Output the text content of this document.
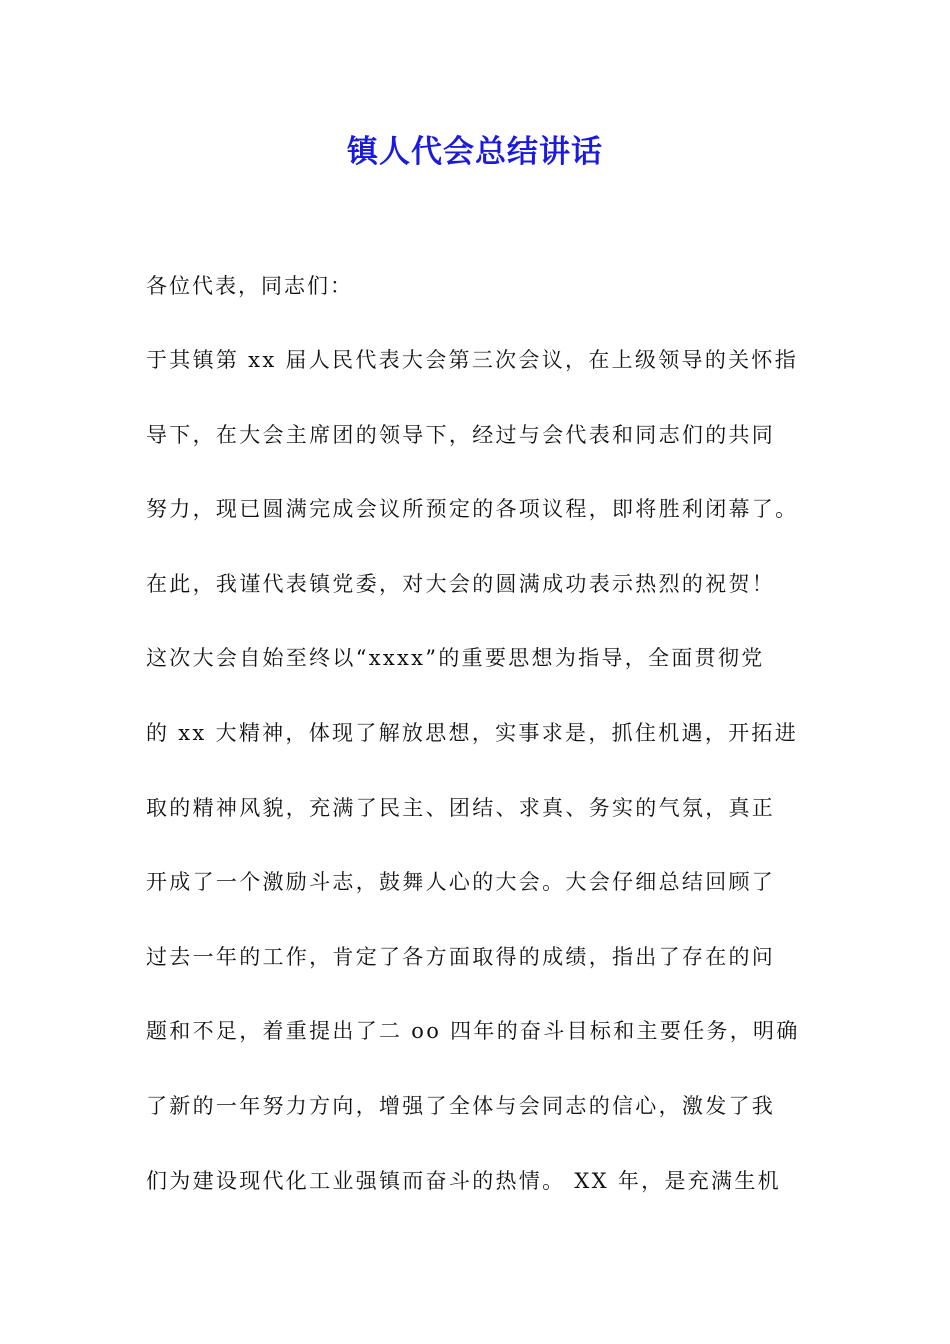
镇人代会总结讲话
各位代表，同志们：
于其镇第 xx 届人民代表大会第三次会议，在上级领导的关怀指
导下，在大会主席团的领导下，经过与会代表和同志们的共同
努力，现已圆满完成会议所预定的各项议程，即将胜利闭幕了。
在此，我谨代表镇党委，对大会的圆满成功表示热烈的祝贺！
这次大会自始至终以“xxxx”的重要思想为指导，全面贯彻党
的 xx 大精神，体现了解放思想，实事求是，抓住机遇，开拓进
取的精神风貌，充满了民主、团结、求真、务实的气氛，真正
开成了一个激励斗志，鼓舞人心的大会。大会仔细总结回顾了
过去一年的工作，肯定了各方面取得的成绩，指出了存在的问
题和不足，着重提出了二 oo 四年的奋斗目标和主要任务，明确
了新的一年努力方向，增强了全体与会同志的信心，激发了我
们为建设现代化工业强镇而奋斗的热情。 XX 年，是充满生机
